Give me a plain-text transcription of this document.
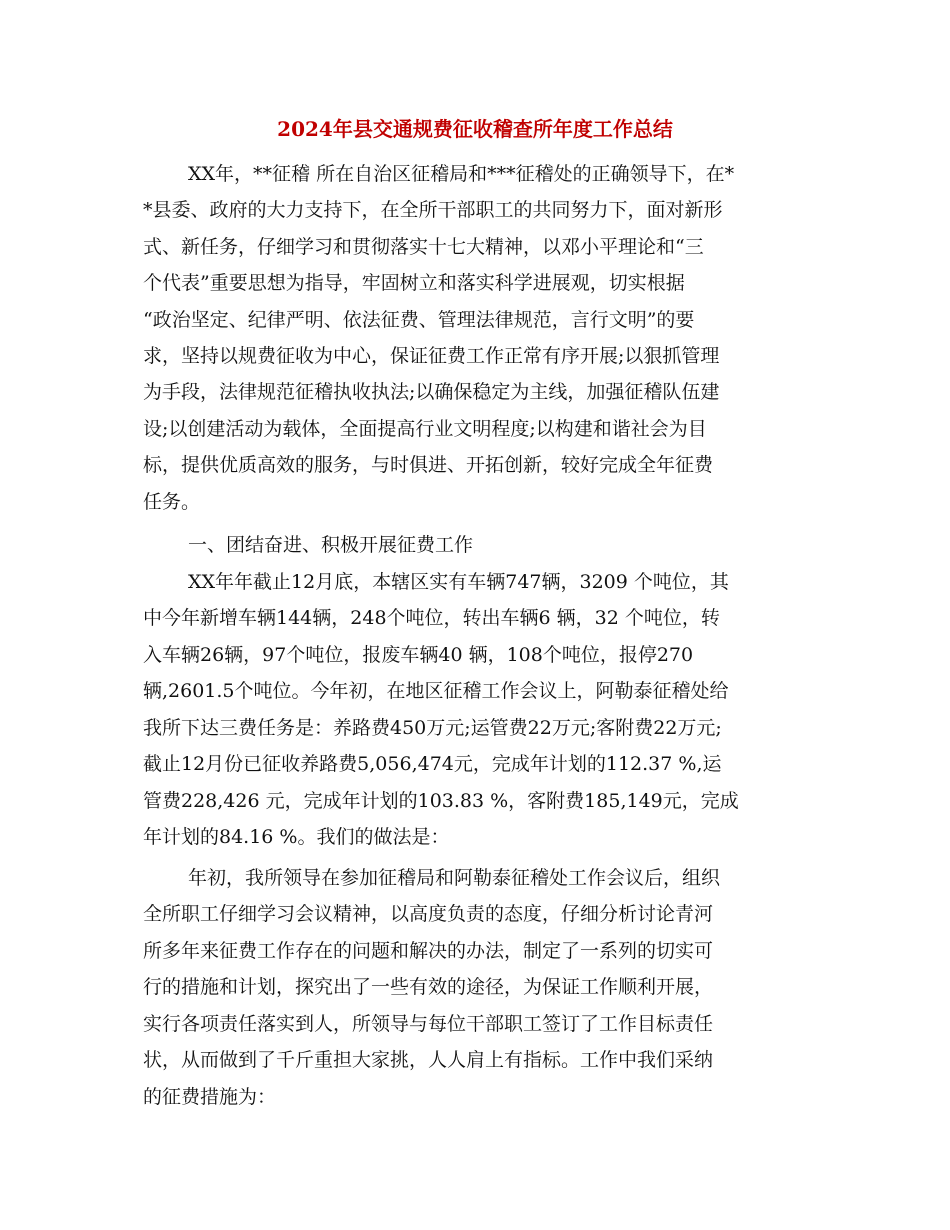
2024年县交通规费征收稽查所年度工作总结
XX年，**征稽 所在自治区征稽局和***征稽处的正确领导下，在*
*县委、政府的大力支持下，在全所干部职工的共同努力下，面对新形
式、新任务，仔细学习和贯彻落实十七大精神，以邓小平理论和“三
个代表”重要思想为指导，牢固树立和落实科学进展观，切实根据
“政治坚定、纪律严明、依法征费、管理法律规范，言行文明”的要
求，坚持以规费征收为中心，保证征费工作正常有序开展;以狠抓管理
为手段，法律规范征稽执收执法;以确保稳定为主线，加强征稽队伍建
设;以创建活动为载体，全面提高行业文明程度;以构建和谐社会为目
标，提供优质高效的服务，与时俱进、开拓创新，较好完成全年征费
任务。
一、团结奋进、积极开展征费工作
XX年年截止12月底，本辖区实有车辆747辆，3209 个吨位，其
中今年新增车辆144辆，248个吨位，转出车辆6 辆，32 个吨位，转
入车辆26辆，97个吨位，报废车辆40 辆，108个吨位，报停270
辆,2601.5个吨位。今年初，在地区征稽工作会议上，阿勒泰征稽处给
我所下达三费任务是：养路费450万元;运管费22万元;客附费22万元;
截止12月份已征收养路费5,056,474元，完成年计划的112.37 %,运
管费228,426 元，完成年计划的103.83 %，客附费185,149元，完成
年计划的84.16 %。我们的做法是：
年初，我所领导在参加征稽局和阿勒泰征稽处工作会议后，组织
全所职工仔细学习会议精神，以高度负责的态度，仔细分析讨论青河
所多年来征费工作存在的问题和解决的办法，制定了一系列的切实可
行的措施和计划，探究出了一些有效的途径，为保证工作顺利开展，
实行各项责任落实到人，所领导与每位干部职工签订了工作目标责任
状，从而做到了千斤重担大家挑，人人肩上有指标。工作中我们采纳
的征费措施为：
